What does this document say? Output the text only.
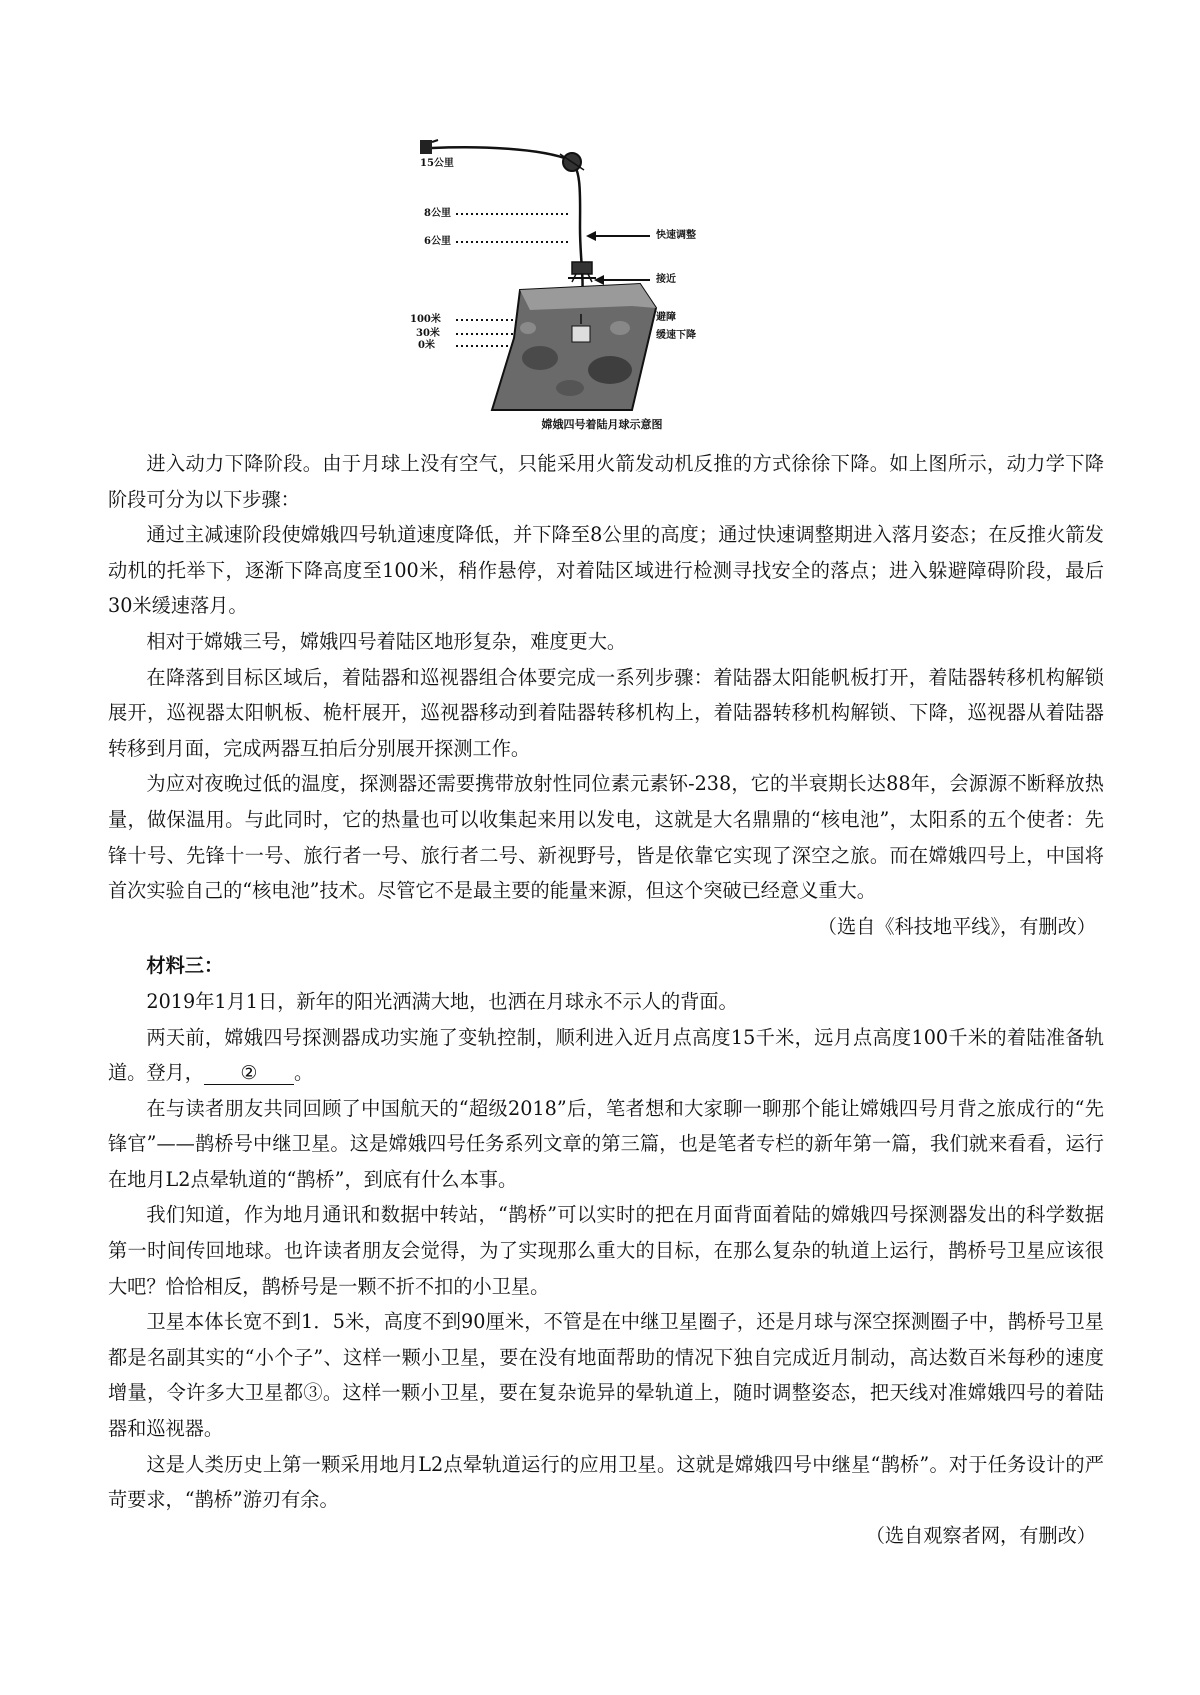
15公里
8公里
6公里
100米
30米
0米
快速调整
接近
避障
缓速下降
嫦娥四号着陆月球示意图

进入动力下降阶段。由于月球上没有空气，只能采用火箭发动机反推的方式徐徐下降。如上图所示，动力学下降阶段可分为以下步骤：

通过主减速阶段使嫦娥四号轨道速度降低，并下降至8公里的高度；通过快速调整期进入落月姿态；在反推火箭发动机的托举下，逐渐下降高度至100米，稍作悬停，对着陆区域进行检测寻找安全的落点；进入躲避障碍阶段，最后30米缓速落月。

相对于嫦娥三号，嫦娥四号着陆区地形复杂，难度更大。

在降落到目标区域后，着陆器和巡视器组合体要完成一系列步骤：着陆器太阳能帆板打开，着陆器转移机构解锁展开，巡视器太阳帆板、桅杆展开，巡视器移动到着陆器转移机构上，着陆器转移机构解锁、下降，巡视器从着陆器转移到月面，完成两器互拍后分别展开探测工作。

为应对夜晚过低的温度，探测器还需要携带放射性同位素元素钚-238，它的半衰期长达88年，会源源不断释放热量，做保温用。与此同时，它的热量也可以收集起来用以发电，这就是大名鼎鼎的“核电池”，太阳系的五个使者：先锋十号、先锋十一号、旅行者一号、旅行者二号、新视野号，皆是依靠它实现了深空之旅。而在嫦娥四号上，中国将首次实验自己的“核电池”技术。尽管它不是最主要的能量来源，但这个突破已经意义重大。

（选自《科技地平线》，有删改）

材料三：

2019年1月1日，新年的阳光洒满大地，也洒在月球永不示人的背面。

两天前，嫦娥四号探测器成功实施了变轨控制，顺利进入近月点高度15千米，远月点高度100千米的着陆准备轨道。登月， ② 。

在与读者朋友共同回顾了中国航天的“超级2018”后，笔者想和大家聊一聊那个能让嫦娥四号月背之旅成行的“先锋官”——鹊桥号中继卫星。这是嫦娥四号任务系列文章的第三篇，也是笔者专栏的新年第一篇，我们就来看看，运行在地月L2点晕轨道的“鹊桥”，到底有什么本事。

我们知道，作为地月通讯和数据中转站，“鹊桥”可以实时的把在月面背面着陆的嫦娥四号探测器发出的科学数据第一时间传回地球。也许读者朋友会觉得，为了实现那么重大的目标，在那么复杂的轨道上运行，鹊桥号卫星应该很大吧？恰恰相反，鹊桥号是一颗不折不扣的小卫星。

卫星本体长宽不到1．5米，高度不到90厘米，不管是在中继卫星圈子，还是月球与深空探测圈子中，鹊桥号卫星都是名副其实的“小个子”、这样一颗小卫星，要在没有地面帮助的情况下独自完成近月制动，高达数百米每秒的速度增量，令许多大卫星都③。这样一颗小卫星，要在复杂诡异的晕轨道上，随时调整姿态，把天线对准嫦娥四号的着陆器和巡视器。

这是人类历史上第一颗采用地月L2点晕轨道运行的应用卫星。这就是嫦娥四号中继星“鹊桥”。对于任务设计的严苛要求，“鹊桥”游刃有余。

（选自观察者网，有删改）
